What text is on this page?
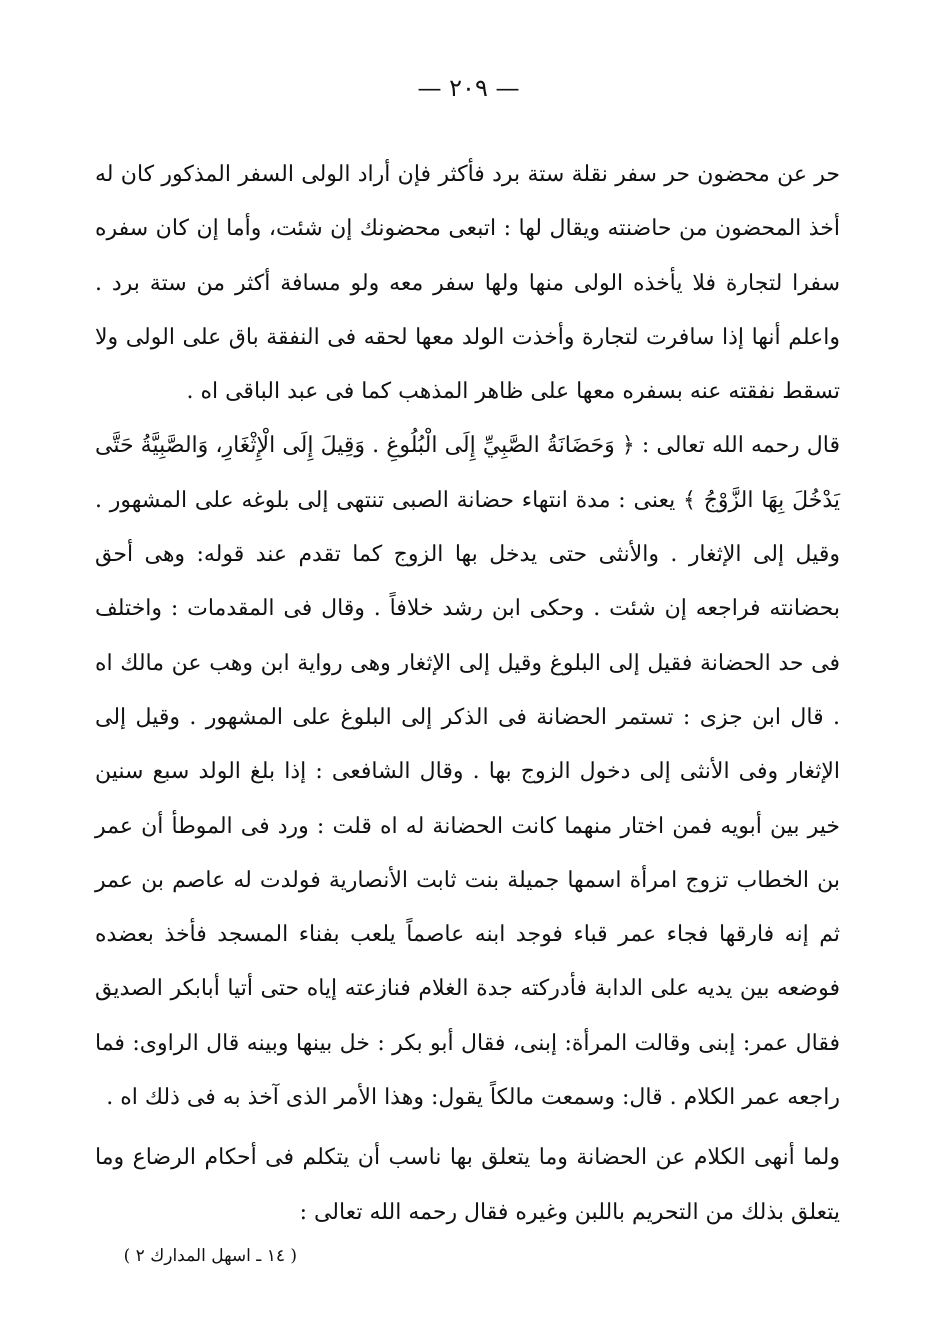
— ٢٠٩ —

حر عن محضون حر سفر نقلة ستة برد فأكثر فإن أراد الولى السفر المذكور كان له أخذ المحضون من حاضنته ويقال لها : اتبعى محضونك إن شئت، وأما إن كان سفره سفرا لتجارة فلا يأخذه الولى منها ولها سفر معه ولو مسافة أكثر من ستة برد . واعلم أنها إذا سافرت لتجارة وأخذت الولد معها لحقه فى النفقة باق على الولى ولا تسقط نفقته عنه بسفره معها على ظاهر المذهب كما فى عبد الباقى اه .

قال رحمه الله تعالى : ﴿ وَحَضَانَةُ الصَّبِيِّ إِلَى الْبُلُوغِ . وَقِيلَ إِلَى الْإِثْغَارِ، وَالصَّبِيَّةُ حَتَّى يَدْخُلَ بِهَا الزَّوْجُ ﴾ يعنى : مدة انتهاء حضانة الصبى تنتهى إلى بلوغه على المشهور . وقيل إلى الإثغار . والأنثى حتى يدخل بها الزوج كما تقدم عند قوله: وهى أحق بحضانته فراجعه إن شئت . وحكى ابن رشد خلافاً . وقال فى المقدمات : واختلف فى حد الحضانة فقيل إلى البلوغ وقيل إلى الإثغار وهى رواية ابن وهب عن مالك اه . قال ابن جزى : تستمر الحضانة فى الذكر إلى البلوغ على المشهور . وقيل إلى الإثغار وفى الأنثى إلى دخول الزوج بها . وقال الشافعى : إذا بلغ الولد سبع سنين خير بين أبويه فمن اختار منهما كانت الحضانة له اه قلت : ورد فى الموطأ أن عمر بن الخطاب تزوج امرأة اسمها جميلة بنت ثابت الأنصارية فولدت له عاصم بن عمر ثم إنه فارقها فجاء عمر قباء فوجد ابنه عاصماً يلعب بفناء المسجد فأخذ بعضده فوضعه بين يديه على الدابة فأدركته جدة الغلام فنازعته إياه حتى أتيا أبابكر الصديق فقال عمر: إبنى وقالت المرأة: إبنى، فقال أبو بكر : خل بينها وبينه قال الراوى: فما راجعه عمر الكلام . قال: وسمعت مالكاً يقول: وهذا الأمر الذى آخذ به فى ذلك اه .

ولما أنهى الكلام عن الحضانة وما يتعلق بها ناسب أن يتكلم فى أحكام الرضاع وما يتعلق بذلك من التحريم باللبن وغيره فقال رحمه الله تعالى :

( ١٤ ـ اسهل المدارك ٢ )
